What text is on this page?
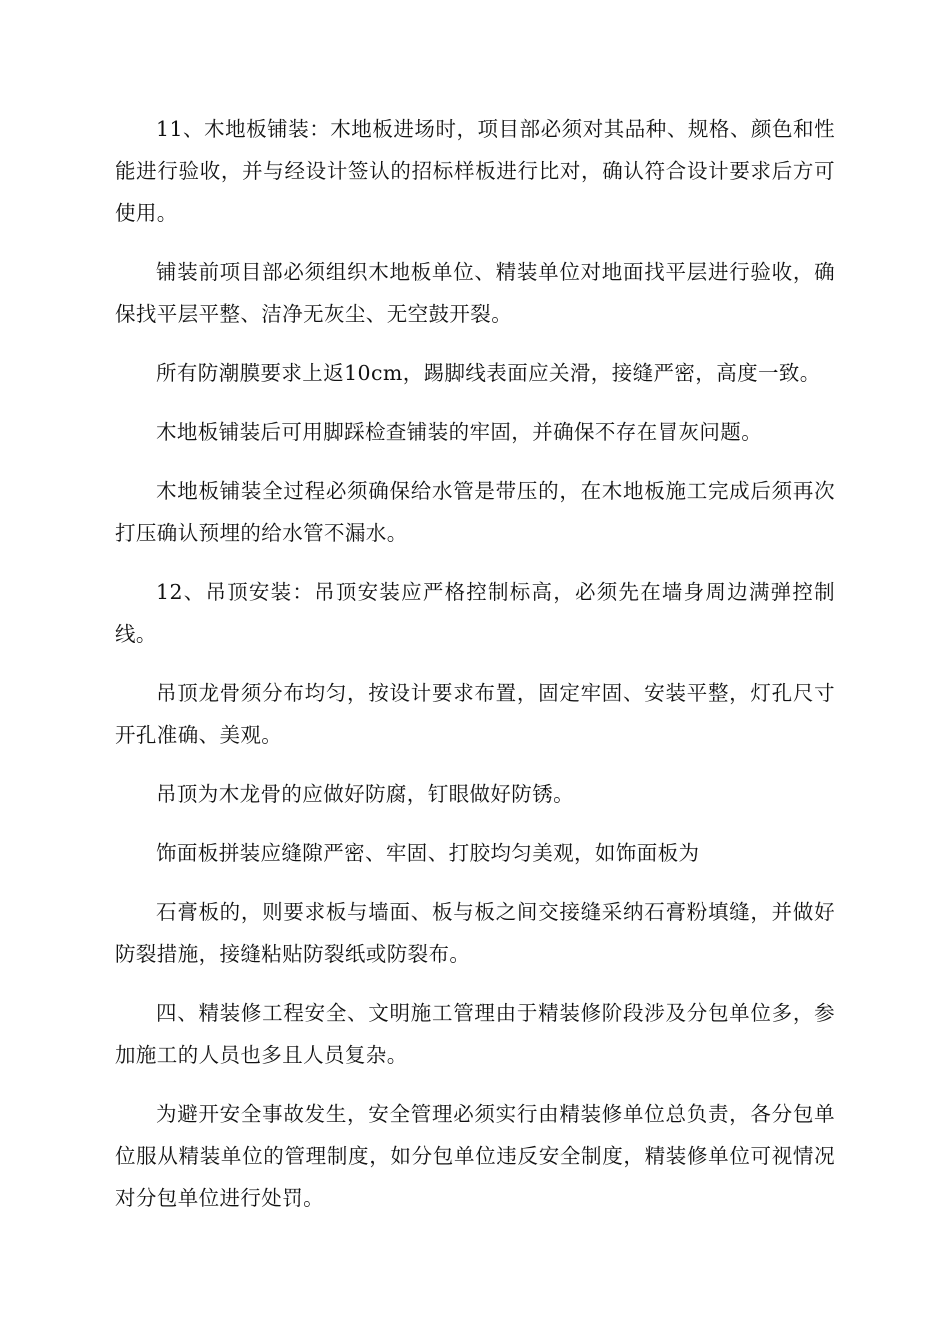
11、木地板铺装：木地板进场时，项目部必须对其品种、规格、颜色和性能进行验收，并与经设计签认的招标样板进行比对，确认符合设计要求后方可使用。

铺装前项目部必须组织木地板单位、精装单位对地面找平层进行验收，确保找平层平整、洁净无灰尘、无空鼓开裂。

所有防潮膜要求上返10cm，踢脚线表面应关滑，接缝严密，高度一致。

木地板铺装后可用脚踩检查铺装的牢固，并确保不存在冒灰问题。

木地板铺装全过程必须确保给水管是带压的，在木地板施工完成后须再次打压确认预埋的给水管不漏水。

12、吊顶安装：吊顶安装应严格控制标高，必须先在墙身周边满弹控制线。

吊顶龙骨须分布均匀，按设计要求布置，固定牢固、安装平整，灯孔尺寸开孔准确、美观。

吊顶为木龙骨的应做好防腐，钉眼做好防锈。

饰面板拼装应缝隙严密、牢固、打胶均匀美观，如饰面板为

石膏板的，则要求板与墙面、板与板之间交接缝采纳石膏粉填缝，并做好防裂措施，接缝粘贴防裂纸或防裂布。

四、精装修工程安全、文明施工管理由于精装修阶段涉及分包单位多，参加施工的人员也多且人员复杂。

为避开安全事故发生，安全管理必须实行由精装修单位总负责，各分包单位服从精装单位的管理制度，如分包单位违反安全制度，精装修单位可视情况对分包单位进行处罚。
